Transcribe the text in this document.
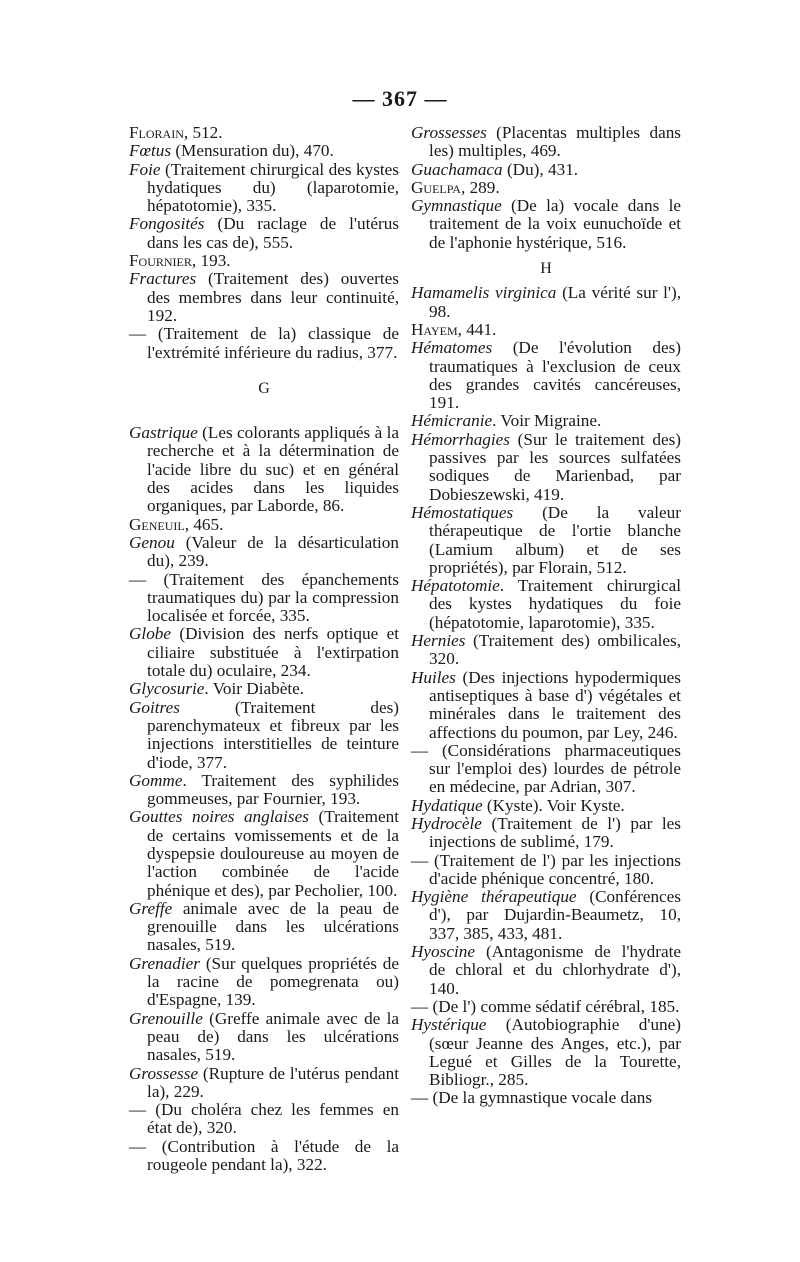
— 367 —

Florain, 512.

Fœtus (Mensuration du), 470.

Foie (Traitement chirurgical des kystes hydatiques du) (laparotomie, hépatotomie), 335.

Fongosités (Du raclage de l'utérus dans les cas de), 555.

Fournier, 193.

Fractures (Traitement des) ouvertes des membres dans leur continuité, 192.

— (Traitement de la) classique de l'extrémité inférieure du radius, 377.

G

Gastrique (Les colorants appliqués à la recherche et à la détermination de l'acide libre du suc) et en général des acides dans les liquides organiques, par Laborde, 86.

Geneuil, 465.

Genou (Valeur de la désarticulation du), 239.

— (Traitement des épanchements traumatiques du) par la compression localisée et forcée, 335.

Globe (Division des nerfs optique et ciliaire substituée à l'extirpation totale du) oculaire, 234.

Glycosurie. Voir Diabète.

Goitres (Traitement des) parenchymateux et fibreux par les injections interstitielles de teinture d'iode, 377.

Gomme. Traitement des syphilides gommeuses, par Fournier, 193.

Gouttes noires anglaises (Traitement de certains vomissements et de la dyspepsie douloureuse au moyen de l'action combinée de l'acide phénique et des), par Pecholier, 100.

Greffe animale avec de la peau de grenouille dans les ulcérations nasales, 519.

Grenadier (Sur quelques propriétés de la racine de pomegrenata ou) d'Espagne, 139.

Grenouille (Greffe animale avec de la peau de) dans les ulcérations nasales, 519.

Grossesse (Rupture de l'utérus pendant la), 229.

— (Du choléra chez les femmes en état de), 320.

— (Contribution à l'étude de la rougeole pendant la), 322.

Grossesses (Placentas multiples dans les) multiples, 469.

Guachamaca (Du), 431.

Guelpa, 289.

Gymnastique (De la) vocale dans le traitement de la voix eunuchoïde et de l'aphonie hystérique, 516.

H

Hamamelis virginica (La vérité sur l'), 98.

Hayem, 441.

Hématomes (De l'évolution des) traumatiques à l'exclusion de ceux des grandes cavités cancéreuses, 191.

Hémicranie. Voir Migraine.

Hémorrhagies (Sur le traitement des) passives par les sources sulfatées sodiques de Marienbad, par Dobieszewski, 419.

Hémostatiques (De la valeur thérapeutique de l'ortie blanche (Lamium album) et de ses propriétés), par Florain, 512.

Hépatotomie. Traitement chirurgical des kystes hydatiques du foie (hépatotomie, laparotomie), 335.

Hernies (Traitement des) ombilicales, 320.

Huiles (Des injections hypodermiques antiseptiques à base d') végétales et minérales dans le traitement des affections du poumon, par Ley, 246.

— (Considérations pharmaceutiques sur l'emploi des) lourdes de pétrole en médecine, par Adrian, 307.

Hydatique (Kyste). Voir Kyste.

Hydrocèle (Traitement de l') par les injections de sublimé, 179.

— (Traitement de l') par les injections d'acide phénique concentré, 180.

Hygiène thérapeutique (Conférences d'), par Dujardin-Beaumetz, 10, 337, 385, 433, 481.

Hyoscine (Antagonisme de l'hydrate de chloral et du chlorhydrate d'), 140.

— (De l') comme sédatif cérébral, 185.

Hystérique (Autobiographie d'une) (sœur Jeanne des Anges, etc.), par Legué et Gilles de la Tourette, Bibliogr., 285.

— (De la gymnastique vocale dans
